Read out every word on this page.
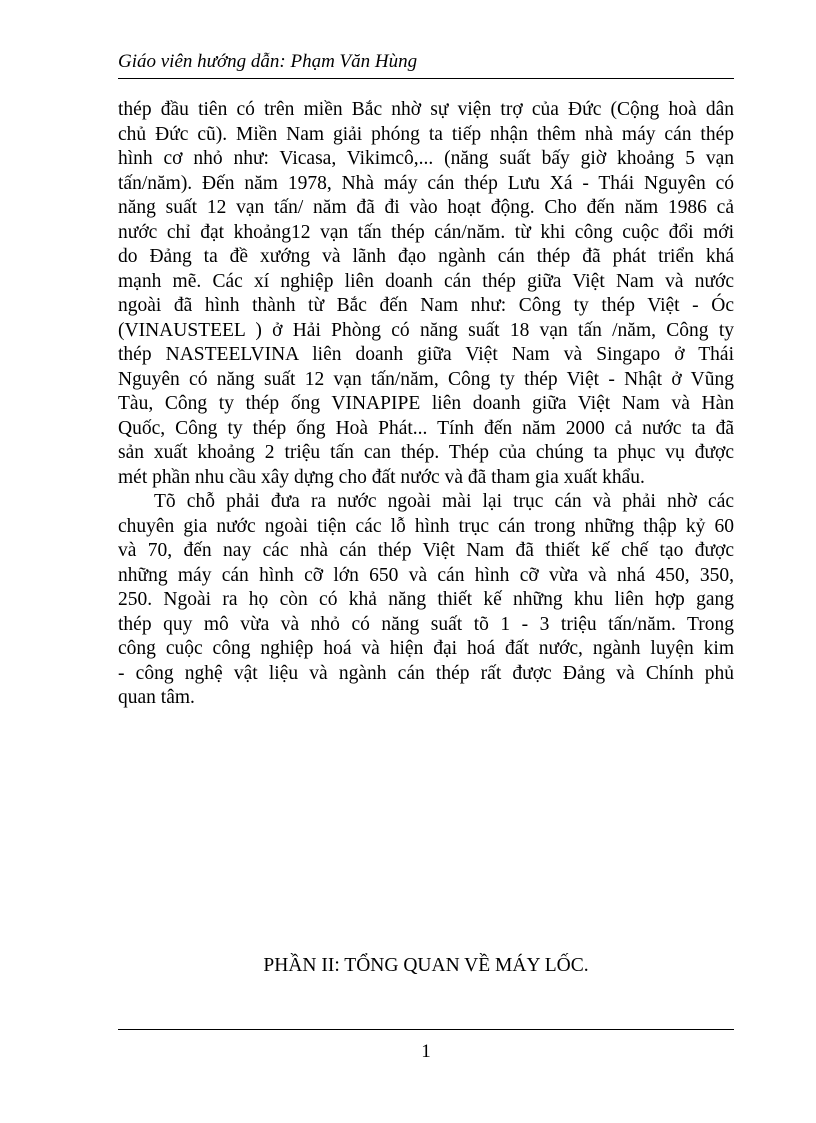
Giáo viên hướng dẫn: Phạm Văn Hùng
thép đầu tiên có trên miền Bắc nhờ sự viện trợ của Đức (Cộng hoà dân
chủ Đức cũ). Miền Nam giải phóng ta tiếp nhận thêm nhà máy cán thép
hình cơ nhỏ như: Vicasa, Vikimcô,... (năng suất bấy giờ khoảng 5 vạn
tấn/năm). Đến năm 1978, Nhà máy cán thép Lưu Xá - Thái Nguyên có
năng suất 12 vạn tấn/ năm đã đi vào hoạt động. Cho đến năm 1986 cả
nước chỉ đạt khoảng12 vạn tấn thép cán/năm. từ khi công cuộc đổi mới
do Đảng ta đề xướng và lãnh đạo ngành cán thép đã phát triển khá
mạnh mẽ. Các xí nghiệp liên doanh cán thép giữa Việt Nam và nước
ngoài đã hình thành từ Bắc đến Nam như: Công ty thép Việt - Óc
(VINAUSTEEL ) ở Hải Phòng có năng suất 18 vạn tấn /năm, Công ty
thép NASTEELVINA liên doanh giữa Việt Nam và Singapo ở Thái
Nguyên có năng suất 12 vạn tấn/năm, Công ty thép Việt - Nhật ở Vũng
Tàu, Công ty thép ống VINAPIPE liên doanh giữa Việt Nam và Hàn
Quốc, Công ty thép ống Hoà Phát... Tính đến năm 2000 cả nước ta đã
sản xuất khoảng 2 triệu tấn can thép. Thép của chúng ta phục vụ được
mét phần nhu cầu xây dựng cho đất nước và đã tham gia xuất khẩu.
Tõ chỗ phải đưa ra nước ngoài mài lại trục cán và phải nhờ các
chuyên gia nước ngoài tiện các lỗ hình trục cán trong những thập kỷ 60
và 70, đến nay các nhà cán thép Việt Nam đã thiết kế chế tạo được
những máy cán hình cỡ lớn 650 và cán hình cỡ vừa và nhá 450, 350,
250. Ngoài ra họ còn có khả năng thiết kế những khu liên hợp gang
thép quy mô vừa và nhỏ có năng suất tõ 1 - 3 triệu tấn/năm. Trong
công cuộc công nghiệp hoá và hiện đại hoá đất nước, ngành luyện kim
- công nghệ vật liệu và ngành cán thép rất được Đảng và Chính phủ
quan tâm.
PHẦN II: TỔNG QUAN VỀ MÁY LỐC.
1
